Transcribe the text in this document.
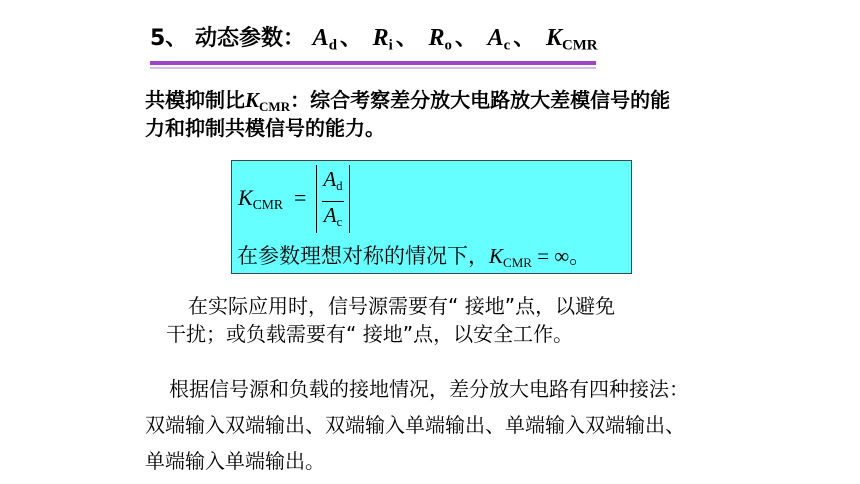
5、 动态参数： $A_d$ 、 $R_i$ 、 $R_o$ 、 $A_c$ 、 $K_{CMR}$
共模抑制比$K_{CMR}$：综合考察差分放大电路放大差模信号的能
力和抑制共模信号的能力。
$K_{CMR}$ =
$A_d$
$A_c$
在参数理想对称的情况下，$K_{CMR}$ = ∞。
在实际应用时，信号源需要有“ 接地”点，以避免
干扰；或负载需要有“ 接地”点，以安全工作。
根据信号源和负载的接地情况，差分放大电路有四种接法：
双端输入双端输出、双端输入单端输出、单端输入双端输出、
单端输入单端输出。
